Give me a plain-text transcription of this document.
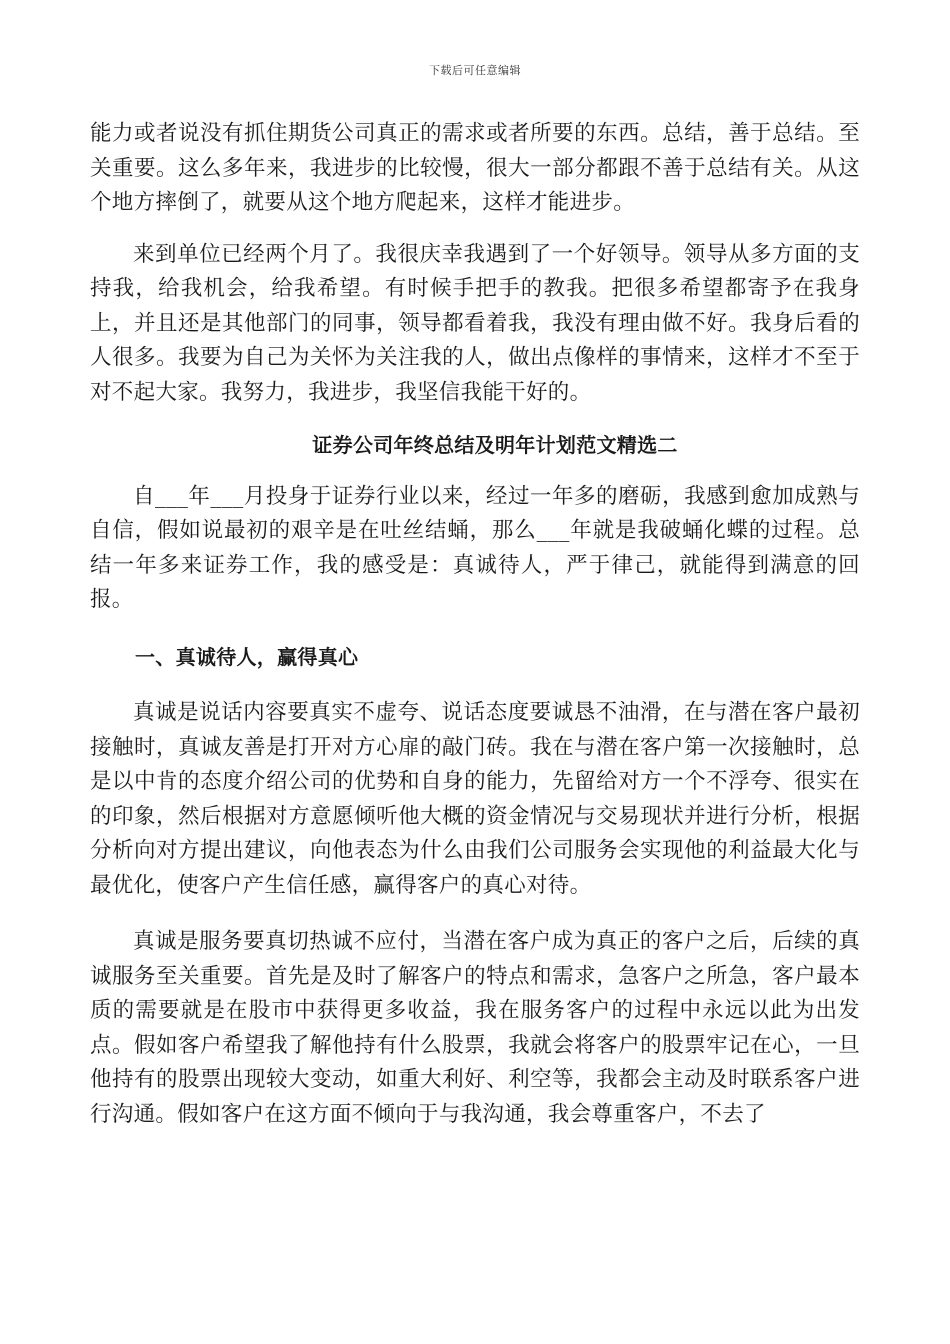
下载后可任意编辑

能力或者说没有抓住期货公司真正的需求或者所要的东西。总结，善于总结。至关重要。这么多年来，我进步的比较慢，很大一部分都跟不善于总结有关。从这个地方摔倒了，就要从这个地方爬起来，这样才能进步。

来到单位已经两个月了。我很庆幸我遇到了一个好领导。领导从多方面的支持我，给我机会，给我希望。有时候手把手的教我。把很多希望都寄予在我身上，并且还是其他部门的同事，领导都看着我，我没有理由做不好。我身后看的人很多。我要为自己为关怀为关注我的人，做出点像样的事情来，这样才不至于对不起大家。我努力，我进步，我坚信我能干好的。

证券公司年终总结及明年计划范文精选二

自___年___月投身于证券行业以来，经过一年多的磨砺，我感到愈加成熟与自信，假如说最初的艰辛是在吐丝结蛹，那么___年就是我破蛹化蝶的过程。总结一年多来证券工作，我的感受是：真诚待人，严于律己，就能得到满意的回报。

一、真诚待人，赢得真心

真诚是说话内容要真实不虚夸、说话态度要诚恳不油滑，在与潜在客户最初接触时，真诚友善是打开对方心扉的敲门砖。我在与潜在客户第一次接触时，总是以中肯的态度介绍公司的优势和自身的能力，先留给对方一个不浮夸、很实在的印象，然后根据对方意愿倾听他大概的资金情况与交易现状并进行分析，根据分析向对方提出建议，向他表态为什么由我们公司服务会实现他的利益最大化与最优化，使客户产生信任感，赢得客户的真心对待。

真诚是服务要真切热诚不应付，当潜在客户成为真正的客户之后，后续的真诚服务至关重要。首先是及时了解客户的特点和需求，急客户之所急，客户最本质的需要就是在股市中获得更多收益，我在服务客户的过程中永远以此为出发点。假如客户希望我了解他持有什么股票，我就会将客户的股票牢记在心，一旦他持有的股票出现较大变动，如重大利好、利空等，我都会主动及时联系客户进行沟通。假如客户在这方面不倾向于与我沟通，我会尊重客户，不去了
